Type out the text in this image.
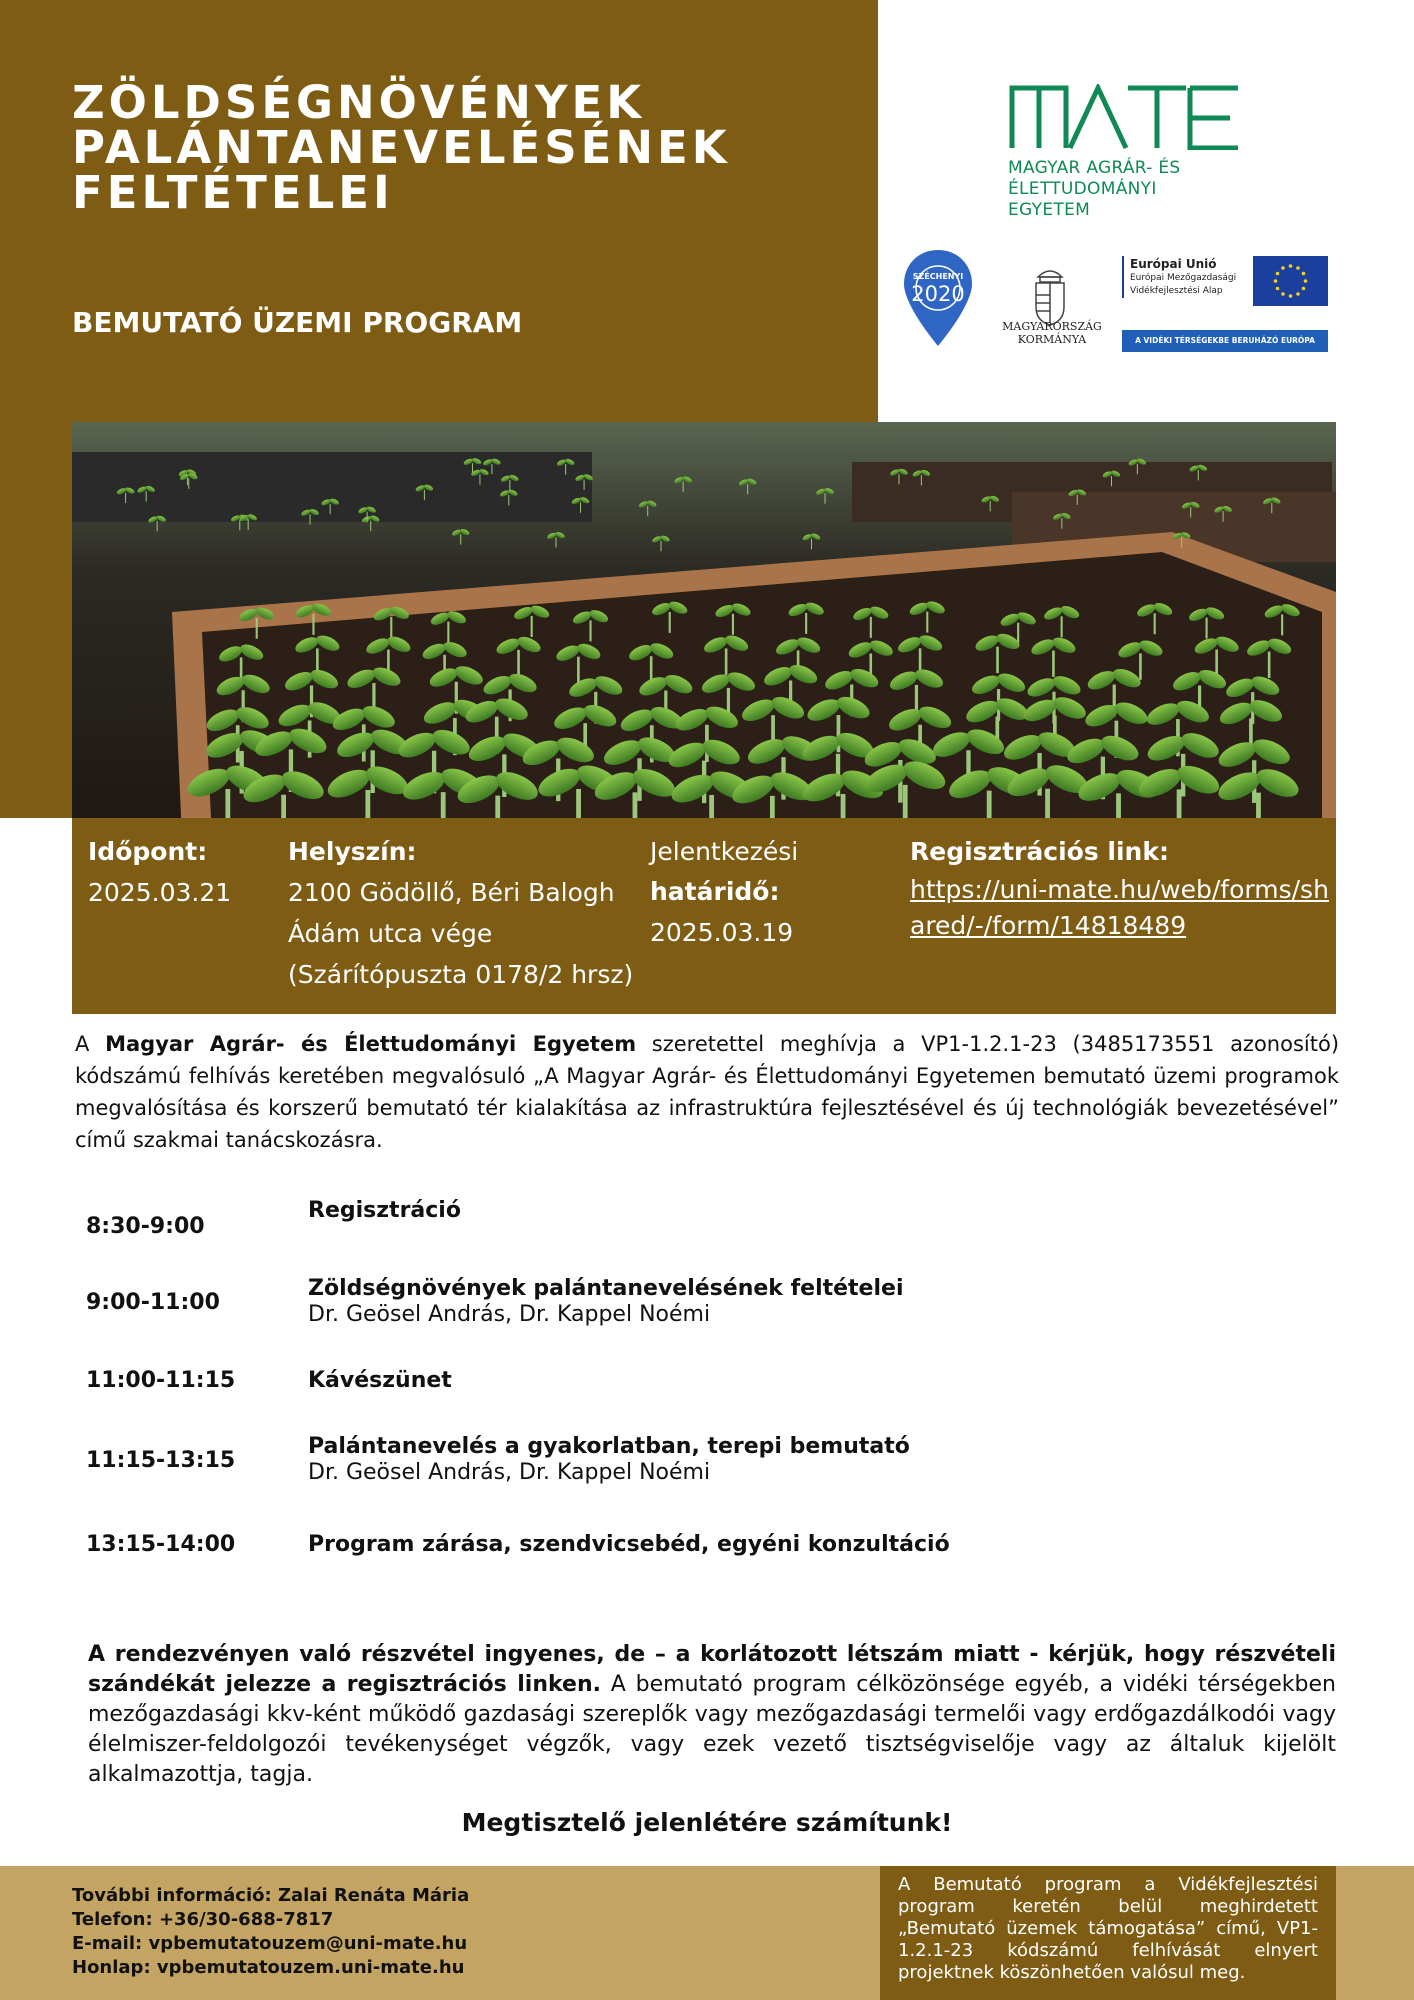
ZÖLDSÉGNÖVÉNYEK
PALÁNTANEVELÉSÉNEK
FELTÉTELEI
BEMUTATÓ ÜZEMI PROGRAM
MATE
MAGYAR AGRÁR- ÉS
ÉLETTUDOMÁNYI EGYETEM
SZÉCHENYI
2020
MAGYARORSZÁG
KORMÁNYA
Európai Unió
Európai Mezőgazdasági
Vidékfejlesztési Alap
A VIDÉKI TÉRSÉGEKBE BERUHÁZÓ EURÓPA
Időpont:
2025.03.21
Helyszín:
2100 Gödöllő, Béri Balogh
Ádám utca vége
(Szárítópuszta 0178/2 hrsz)
Jelentkezési
határidő:
2025.03.19
Regisztrációs link:
https://uni-mate.hu/web/forms/shared/-/form/14818489

A Magyar Agrár- és Élettudományi Egyetem szeretettel meghívja a VP1-1.2.1-23 (3485173551 azonosító) kódszámú felhívás keretében megvalósuló „A Magyar Agrár- és Élettudományi Egyetemen bemutató üzemi programok megvalósítása és korszerű bemutató tér kialakítása az infrastruktúra fejlesztésével és új technológiák bevezetésével” című szakmai tanácskozásra.

8:30-9:00
Regisztráció
9:00-11:00
Zöldségnövények palántanevelésének feltételei
Dr. Geösel András, Dr. Kappel Noémi
11:00-11:15	Kávészünet
11:15-13:15
Palántanevelés a gyakorlatban, terepi bemutató
Dr. Geösel András, Dr. Kappel Noémi
13:15-14:00	Program zárása, szendvicsebéd, egyéni konzultáció

A rendezvényen való részvétel ingyenes, de – a korlátozott létszám miatt - kérjük, hogy részvételi szándékát jelezze a regisztrációs linken. A bemutató program célközönsége egyéb, a vidéki térségekben mezőgazdasági kkv-ként működő gazdasági szereplők vagy mezőgazdasági termelői vagy erdőgazdálkodói vagy élelmiszer-feldolgozói tevékenységet végzők, vagy ezek vezető tisztségviselője vagy az általuk kijelölt alkalmazottja, tagja.

Megtisztelő jelenlétére számítunk!
További információ: Zalai Renáta Mária
Telefon: +36/30-688-7817
E-mail: vpbemutatouzem@uni-mate.hu
Honlap: vpbemutatouzem.uni-mate.hu
A Bemutató program a Vidékfejlesztési program keretén belül meghirdetett „Bemutató üzemek támogatása” című, VP1-1.2.1-23 kódszámú felhívását elnyert projektnek köszönhetően valósul meg.
